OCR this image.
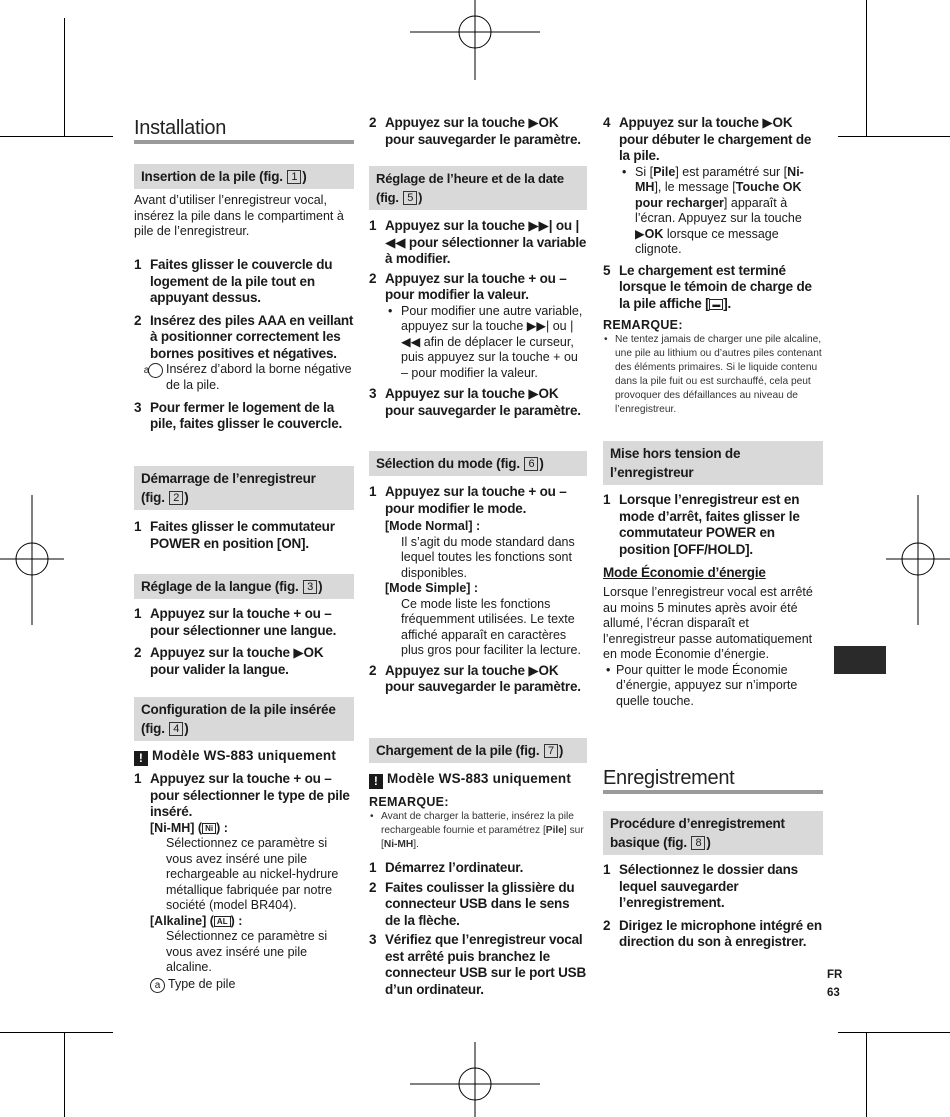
Installation
Insertion de la pile (fig. 1 )
Avant d’utiliser l’enregistreur vocal, insérez la pile dans le compartiment à pile de l’enregistreur.
1 Faites glisser le couvercle du logement de la pile tout en appuyant dessus.
2 Insérez des piles AAA en veillant à positionner correctement les bornes positives et négatives.
a Insérez d’abord la borne négative de la pile.
3 Pour fermer le logement de la pile, faites glisser le couvercle.
Démarrage de l’enregistreur
(fig. 2 )
1 Faites glisser le commutateur POWER en position [ON].
Réglage de la langue (fig. 3 )
1 Appuyez sur la touche + ou – pour sélectionner une langue.
2 Appuyez sur la touche ▶OK pour valider la langue.
Configuration de la pile insérée
(fig. 4 )
! Modèle WS-883 uniquement
1 Appuyez sur la touche + ou – pour sélectionner le type de pile inséré.
[Ni-MH] ( Ni ) :
Sélectionnez ce paramètre si vous avez inséré une pile rechargeable au nickel-hydrure métallique fabriquée par notre société (model BR404).
[Alkaline] ( AL ) :
Sélectionnez ce paramètre si vous avez inséré une pile alcaline.
a Type de pile
2 Appuyez sur la touche ▶OK pour sauvegarder le paramètre.
Réglage de l’heure et de la date
(fig. 5 )
1 Appuyez sur la touche ▶▶| ou |◀◀ pour sélectionner la variable à modifier.
2 Appuyez sur la touche + ou – pour modifier la valeur.
• Pour modifier une autre variable, appuyez sur la touche ▶▶| ou |◀◀ afin de déplacer le curseur, puis appuyez sur la touche + ou – pour modifier la valeur.
3 Appuyez sur la touche ▶OK pour sauvegarder le paramètre.
Sélection du mode (fig. 6 )
1 Appuyez sur la touche + ou – pour modifier le mode.
[Mode Normal] :
Il s’agit du mode standard dans lequel toutes les fonctions sont disponibles.
[Mode Simple] :
Ce mode liste les fonctions fréquemment utilisées. Le texte affiché apparaît en caractères plus gros pour faciliter la lecture.
2 Appuyez sur la touche ▶OK pour sauvegarder le paramètre.
Chargement de la pile (fig. 7 )
! Modèle WS-883 uniquement
REMARQUE:
• Avant de charger la batterie, insérez la pile rechargeable fournie et paramétrez [Pile] sur [Ni-MH].
1 Démarrez l’ordinateur.
2 Faites coulisser la glissière du connecteur USB dans le sens de la flèche.
3 Vérifiez que l’enregistreur vocal est arrêté puis branchez le connecteur USB sur le port USB d’un ordinateur.
4 Appuyez sur la touche ▶OK pour débuter le chargement de la pile.
• Si [Pile] est paramétré sur [Ni-MH], le message [Touche OK pour recharger] apparaît à l’écran. Appuyez sur la touche ▶OK lorsque ce message clignote.
5 Le chargement est terminé lorsque le témoin de charge de la pile affiche [ ▬ ].
REMARQUE:
• Ne tentez jamais de charger une pile alcaline, une pile au lithium ou d’autres piles contenant des éléments primaires. Si le liquide contenu dans la pile fuit ou est surchauffé, cela peut provoquer des défaillances au niveau de l’enregistreur.
Mise hors tension de l’enregistreur
1 Lorsque l’enregistreur est en mode d’arrêt, faites glisser le commutateur POWER en position [OFF/HOLD].
Mode Économie d’énergie
Lorsque l’enregistreur vocal est arrêté au moins 5 minutes après avoir été allumé, l’écran disparaît et l’enregistreur passe automatiquement en mode Économie d’énergie.
• Pour quitter le mode Économie d’énergie, appuyez sur n’importe quelle touche.
Enregistrement
Procédure d’enregistrement
basique (fig. 8 )
1 Sélectionnez le dossier dans lequel sauvegarder l’enregistrement.
2 Dirigez le microphone intégré en direction du son à enregistrer.
FR
63
